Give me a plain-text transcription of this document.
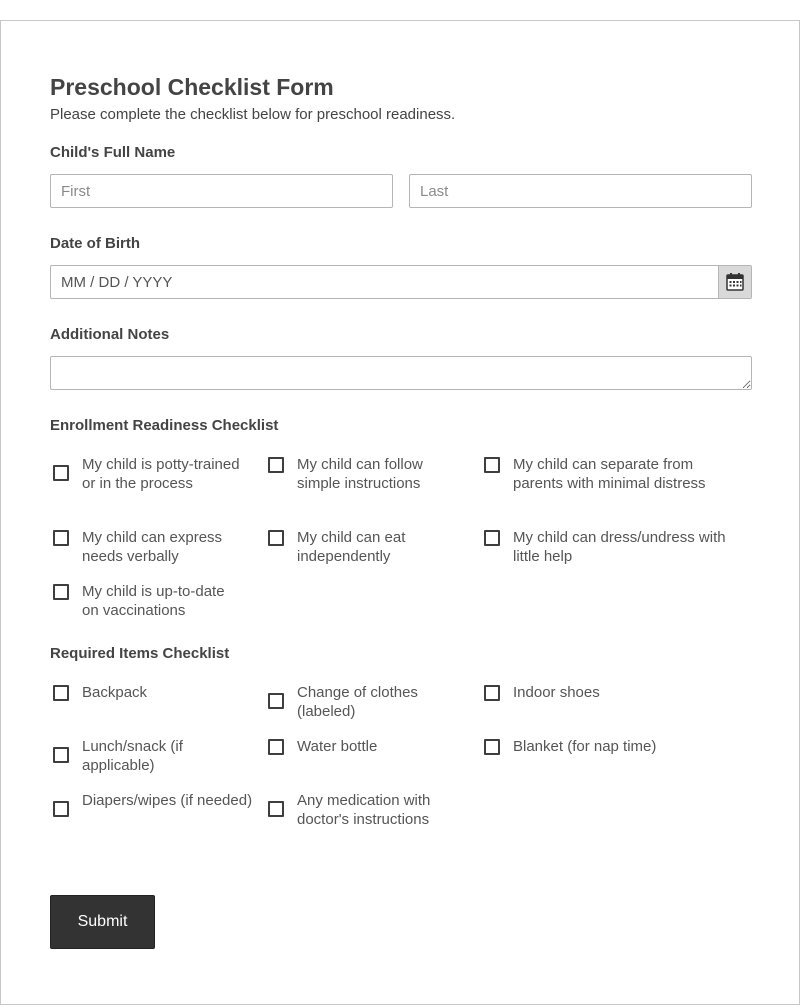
Preschool Checklist Form
Please complete the checklist below for preschool readiness.
Child's Full Name
First
Last
Date of Birth
MM / DD / YYYY
Additional Notes
Enrollment Readiness Checklist
My child is potty-trained or in the process
My child can follow simple instructions
My child can separate from parents with minimal distress
My child can express needs verbally
My child can eat independently
My child can dress/undress with little help
My child is up-to-date on vaccinations
Required Items Checklist
Backpack	Change of clothes (labeled)
Indoor shoes
Lunch/snack (if applicable)
Water bottle	Blanket (for nap time)
Diapers/wipes (if needed)	Any medication with doctor's instructions
Submit
